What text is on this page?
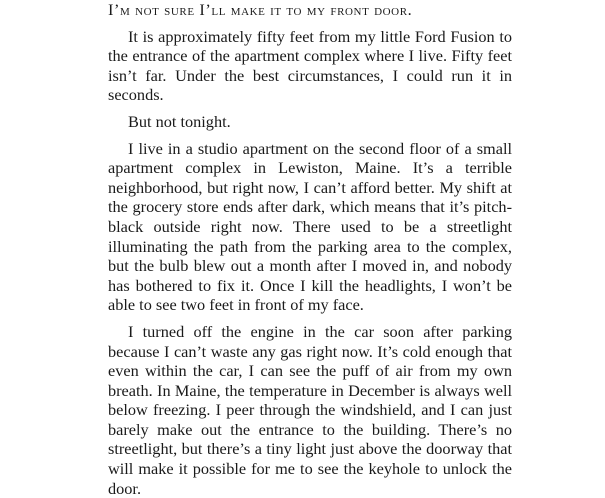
I’m not sure I’ll make it to my front door.

It is approximately fifty feet from my little Ford Fusion to the entrance of the apartment complex where I live. Fifty feet isn’t far. Under the best circumstances, I could run it in seconds.

But not tonight.

I live in a studio apartment on the second floor of a small apartment complex in Lewiston, Maine. It’s a terrible neighborhood, but right now, I can’t afford better. My shift at the grocery store ends after dark, which means that it’s pitch-black outside right now. There used to be a streetlight illuminating the path from the parking area to the complex, but the bulb blew out a month after I moved in, and nobody has bothered to fix it. Once I kill the headlights, I won’t be able to see two feet in front of my face.

I turned off the engine in the car soon after parking because I can’t waste any gas right now. It’s cold enough that even within the car, I can see the puff of air from my own breath. In Maine, the temperature in December is always well below freezing. I peer through the windshield, and I can just barely make out the entrance to the building. There’s no streetlight, but there’s a tiny light just above the doorway that will make it possible for me to see the keyhole to unlock the door.
